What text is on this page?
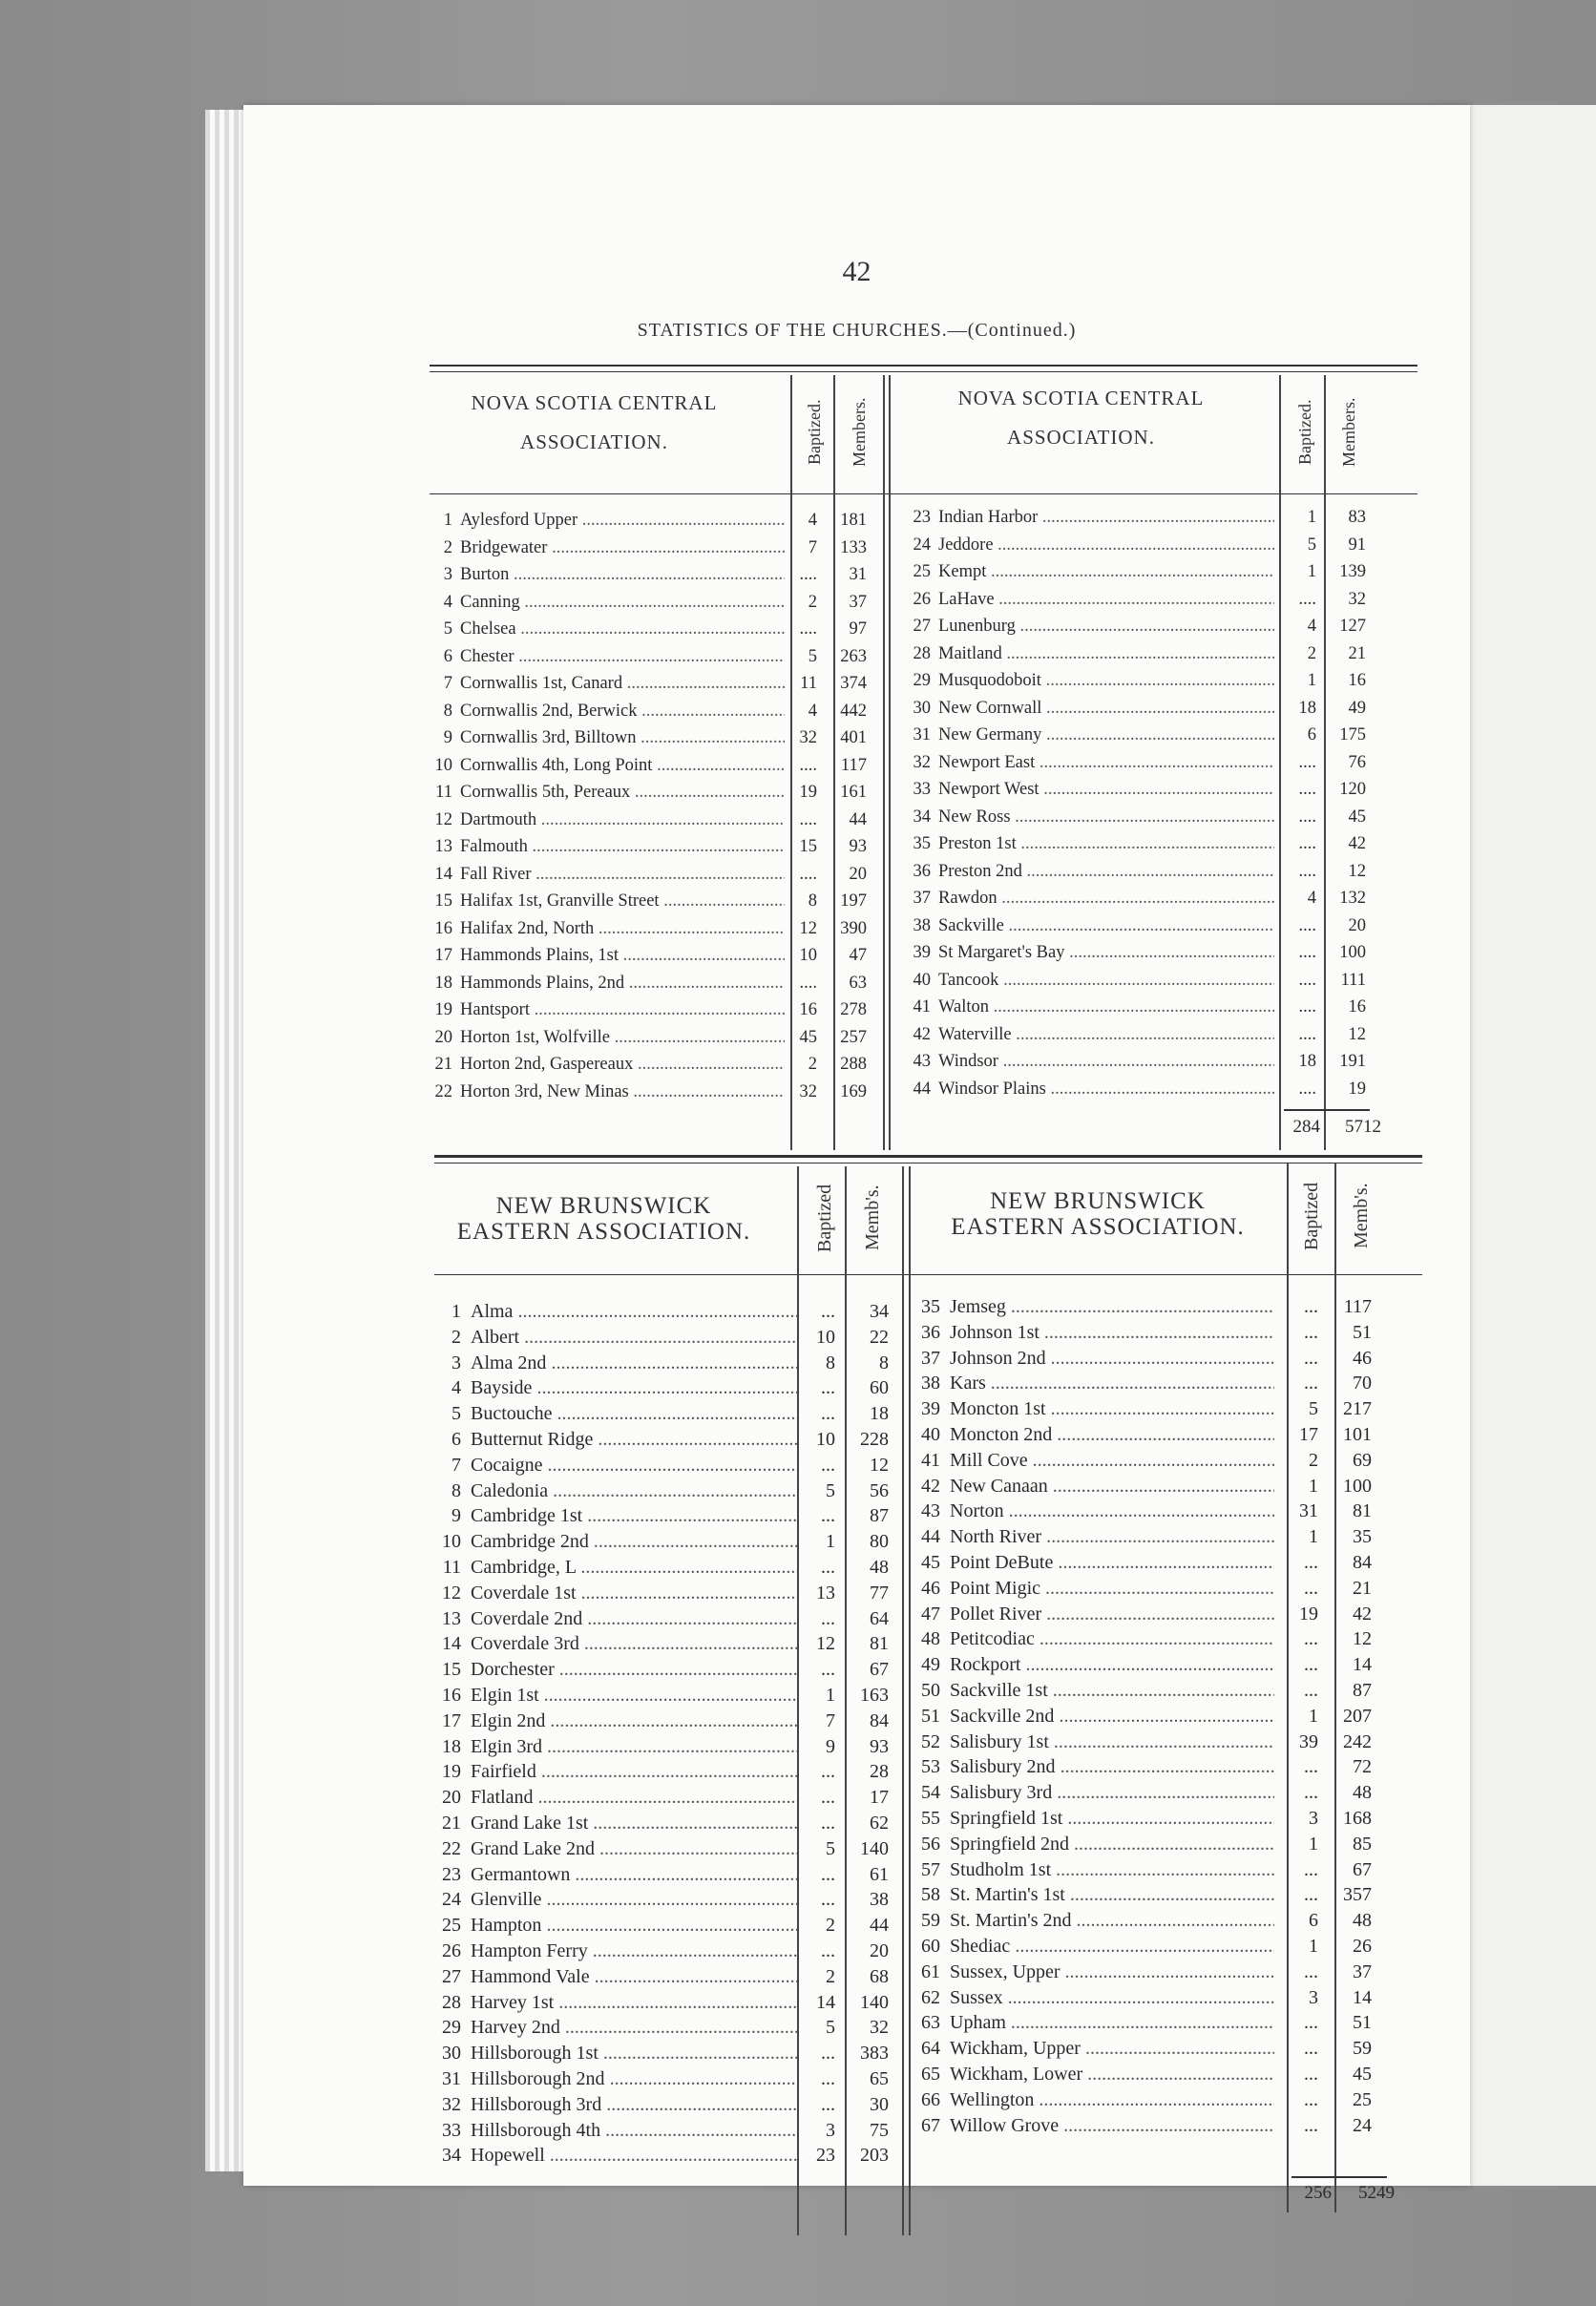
42
STATISTICS OF THE CHURCHES.—(Continued.)
NOVA SCOTIA CENTRAL
ASSOCIATION.	Baptized. Members.	NOVA SCOTIA CENTRAL
ASSOCIATION.	Baptized. Members.
1 Aylesford Upper .....	4	181
2 Bridgewater .....	7	133
3 Burton .....	....	31
4 Canning .....	2	37
5 Chelsea .....	....	97
6 Chester .....	5	263
7 Cornwallis 1st, Canard .....	11	374
8 Cornwallis 2nd, Berwick .....	4	442
9 Cornwallis 3rd, Billtown .....	32	401
10 Cornwallis 4th, Long Point .....	....	117
11 Cornwallis 5th, Pereaux .....	19	161
12 Dartmouth .....	....	44
13 Falmouth .....	15	93
14 Fall River .....	....	20
15 Halifax 1st, Granville Street .....	8	197
16 Halifax 2nd, North .....	12	390
17 Hammonds Plains, 1st .....	10	47
18 Hammonds Plains, 2nd .....	....	63
19 Hantsport .....	16	278
20 Horton 1st, Wolfville .....	45	257
21 Horton 2nd, Gaspereaux .....	2	288
22 Horton 3rd, New Minas .....	32	169
23 Indian Harbor .....	1	83
24 Jeddore .....	5	91
25 Kempt .....	1	139
26 LaHave .....	....	32
27 Lunenburg .....	4	127
28 Maitland .....	2	21
29 Musquodoboit .....	1	16
30 New Cornwall .....	18	49
31 New Germany .....	6	175
32 Newport East .....	....	76
33 Newport West .....	....	120
34 New Ross .....	....	45
35 Preston 1st .....	....	42
36 Preston 2nd .....	....	12
37 Rawdon .....	4	132
38 Sackville .....	....	20
39 St Margaret's Bay .....	....	100
40 Tancook .....	....	111
41 Walton .....	....	16
42 Waterville .....	....	12
43 Windsor .....	18	191
44 Windsor Plains .....	....	19
284	5712
NEW BRUNSWICK
EASTERN ASSOCIATION.	Baptized Memb's.	NEW BRUNSWICK
EASTERN ASSOCIATION.	Baptized Memb's.
1 Alma .....	...	34
2 Albert .....	10	22
3 Alma 2nd .....	8	8
4 Bayside .....	...	60
5 Buctouche .....	...	18
6 Butternut Ridge .....	10	228
7 Cocaigne .....	...	12
8 Caledonia .....	5	56
9 Cambridge 1st .....	...	87
10 Cambridge 2nd .....	1	80
11 Cambridge, L .....	...	48
12 Coverdale 1st .....	13	77
13 Coverdale 2nd .....	...	64
14 Coverdale 3rd .....	12	81
15 Dorchester .....	...	67
16 Elgin 1st .....	1	163
17 Elgin 2nd .....	7	84
18 Elgin 3rd .....	9	93
19 Fairfield .....	...	28
20 Flatland .....	...	17
21 Grand Lake 1st .....	...	62
22 Grand Lake 2nd .....	5	140
23 Germantown .....	...	61
24 Glenville .....	...	38
25 Hampton .....	2	44
26 Hampton Ferry .....	...	20
27 Hammond Vale .....	2	68
28 Harvey 1st .....	14	140
29 Harvey 2nd .....	5	32
30 Hillsborough 1st .....	...	383
31 Hillsborough 2nd .....	...	65
32 Hillsborough 3rd .....	...	30
33 Hillsborough 4th .....	3	75
34 Hopewell .....	23	203
35 Jemseg .....	...	117
36 Johnson 1st .....	...	51
37 Johnson 2nd .....	...	46
38 Kars .....	...	70
39 Moncton 1st .....	5	217
40 Moncton 2nd .....	17	101
41 Mill Cove .....	2	69
42 New Canaan .....	1	100
43 Norton .....	31	81
44 North River .....	1	35
45 Point DeBute .....	...	84
46 Point Migic .....	...	21
47 Pollet River .....	19	42
48 Petitcodiac .....	...	12
49 Rockport .....	...	14
50 Sackville 1st .....	...	87
51 Sackville 2nd .....	1	207
52 Salisbury 1st .....	39	242
53 Salisbury 2nd .....	...	72
54 Salisbury 3rd .....	...	48
55 Springfield 1st .....	3	168
56 Springfield 2nd .....	1	85
57 Studholm 1st .....	...	67
58 St. Martin's 1st .....	...	357
59 St. Martin's 2nd .....	6	48
60 Shediac .....	1	26
61 Sussex, Upper .....	...	37
62 Sussex .....	3	14
63 Upham .....	...	51
64 Wickham, Upper .....	...	59
65 Wickham, Lower .....	...	45
66 Wellington .....	...	25
67 Willow Grove .....	...	24
256	5249
